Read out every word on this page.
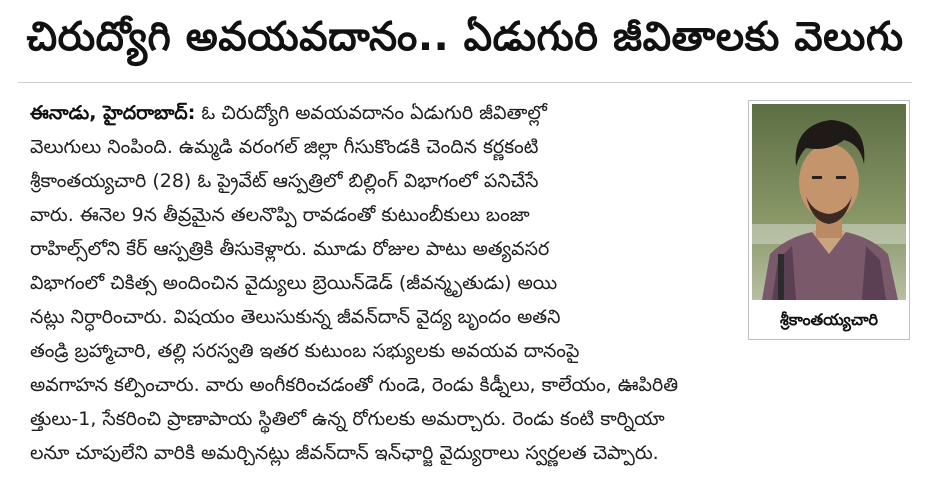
చిరుద్యోగి అవయవదానం.. ఏడుగురి జీవితాలకు వెలుగు
ఈనాడు, హైదరాబాద్: ఓ చిరుద్యోగి అవయవదానం ఏడుగురి జీవితాల్లో
వెలుగులు నింపింది. ఉమ్మడి వరంగల్ జిల్లా గీసుకొండకి చెందిన కర్ణకంటి
శ్రీకాంతయ్యచారి (28) ఓ ప్రైవేట్ ఆస్పత్రిలో బిల్లింగ్ విభాగంలో పనిచేసే
వారు. ఈనెల 9న తీవ్రమైన తలనొప్పి రావడంతో కుటుంబీకులు బంజా
రాహిల్స్‌లోని కేర్ ఆస్పత్రికి తీసుకెళ్లారు. మూడు రోజుల పాటు అత్యవసర
విభాగంలో చికిత్స అందించిన వైద్యులు బ్రెయిన్‌డెడ్ (జీవన్మృతుడు) అయి
నట్లు నిర్ధారించారు. విషయం తెలుసుకున్న జీవన్‌దాన్ వైద్య బృందం అతని
తండ్రి బ్రహ్మాచారి, తల్లి సరస్వతి ఇతర కుటుంబ సభ్యులకు అవయవ దానంపై
అవగాహన కల్పించారు. వారు అంగీకరించడంతో గుండె, రెండు కిడ్నీలు, కాలేయం, ఊపిరితి
త్తులు-1, సేకరించి ప్రాణాపాయ స్థితిలో ఉన్న రోగులకు అమర్చారు. రెండు కంటి కార్నియా
లనూ చూపులేని వారికి అమర్చినట్లు జీవన్‌దాన్ ఇన్‌ఛార్జి వైద్యురాలు స్వర్ణలత చెప్పారు.
శ్రీకాంతయ్యచారి
